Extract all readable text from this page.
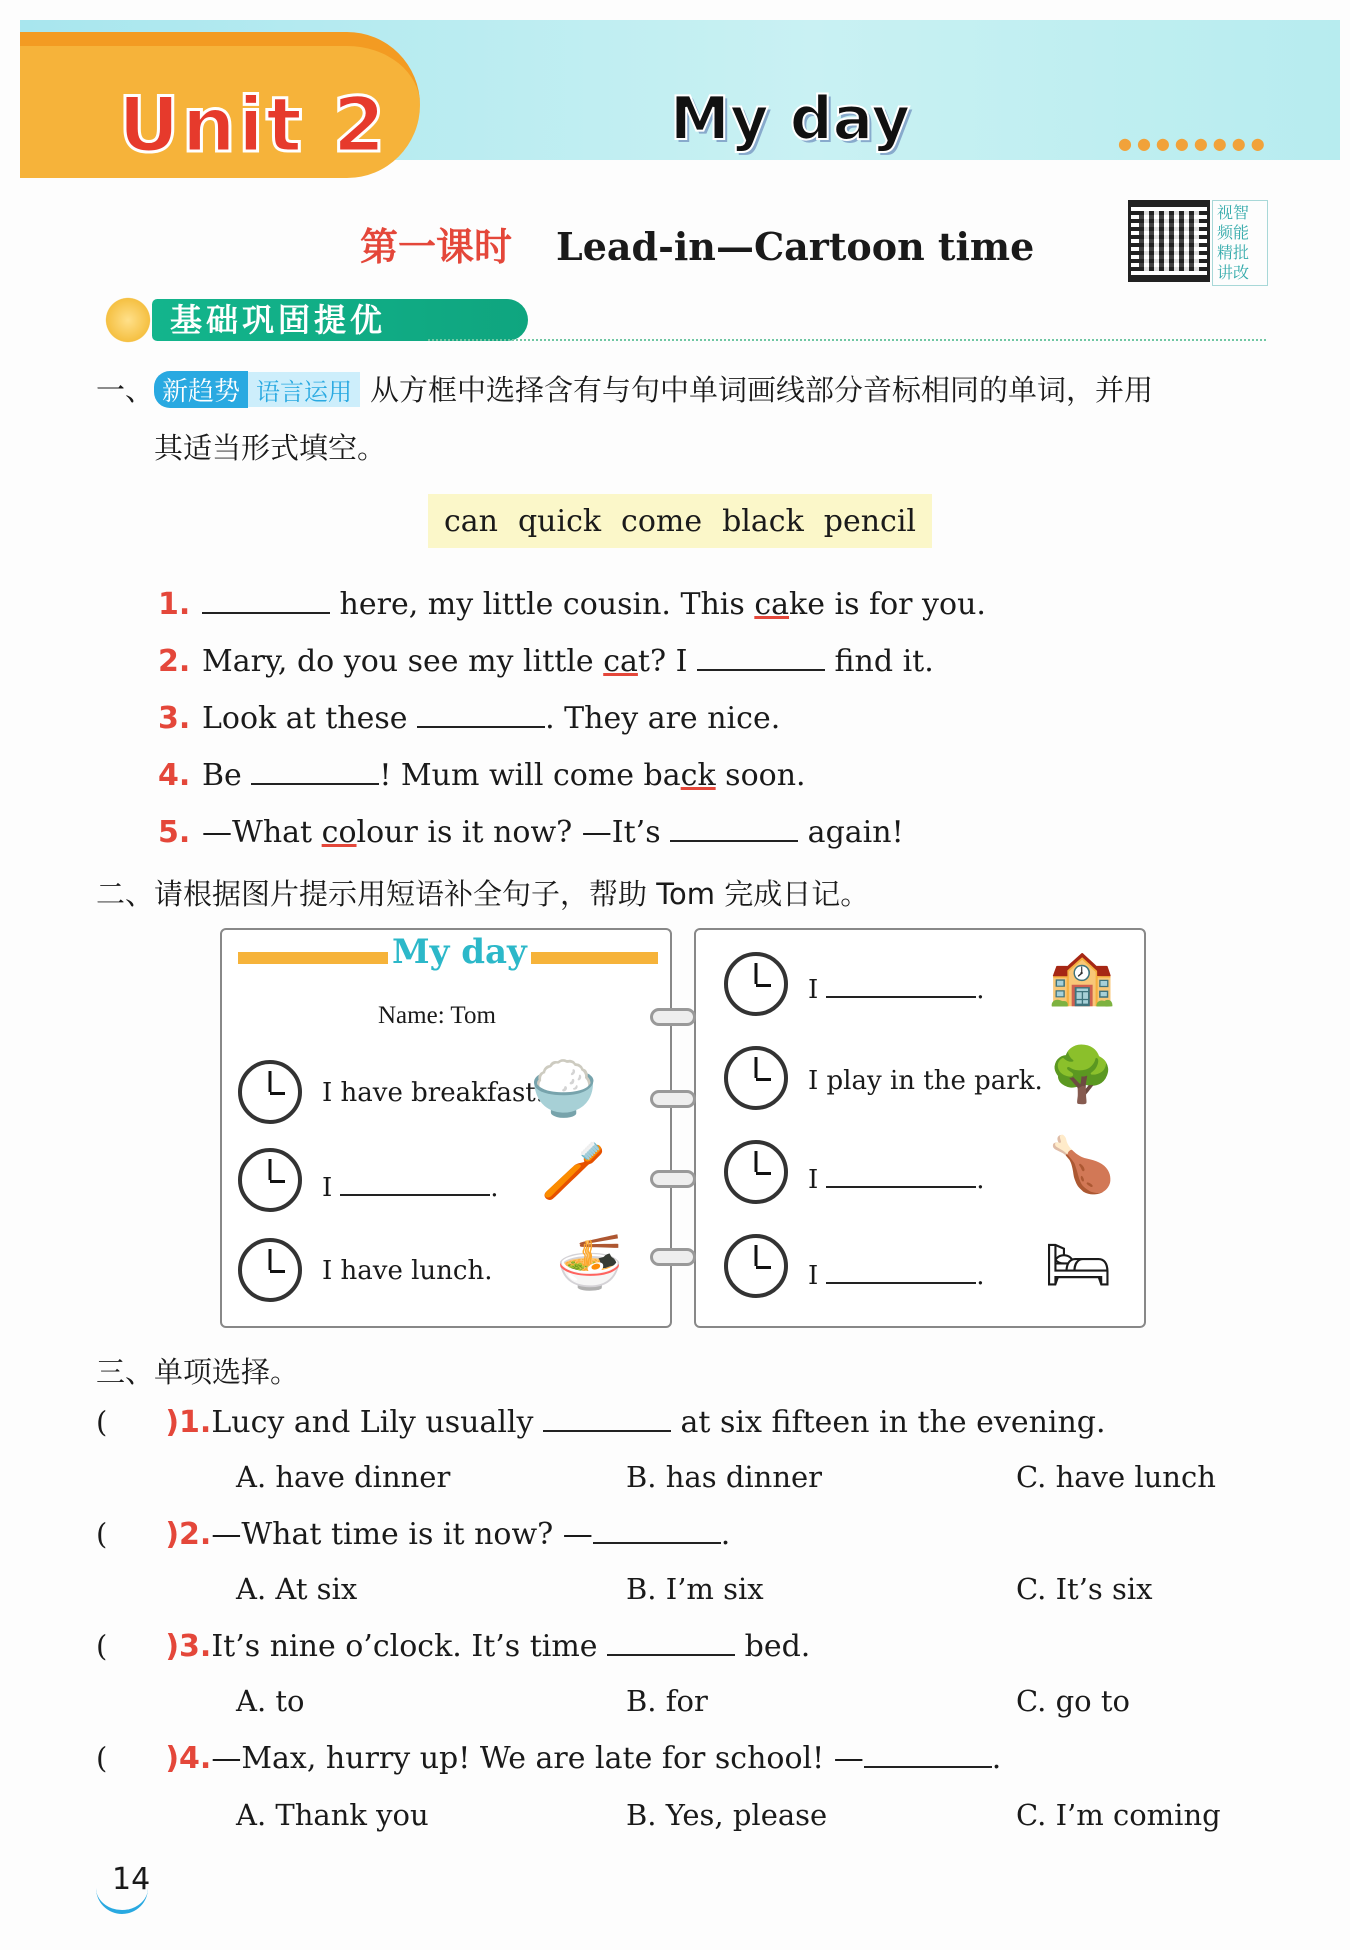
Unit 2	My day	●●●●●●●●
第一课时 Lead-in—Cartoon time
视智频能精批讲改
基础巩固提优
一、 新趋势 语言运用 从方框中选择含有与句中单词画线部分音标相同的单词，并用
其适当形式填空。
can quick come black pencil
1.	here, my little cousin. This cake is for you.
2. Mary, do you see my little cat? I	find it.
3. Look at these	. They are nice.
4. Be	! Mum will come back soon.
5. —What colour is it now? —It’s	again!
二、请根据图片提示用短语补全句子，帮助 Tom 完成日记。
My day
Name: Tom
I have breakfast.
🍚
I	. 🪥
I have lunch. 🍜
I	. 🏫
I play in the park. 🌳
I	. 🍗
I	. 🛏
三、单项选择。
( )1.Lucy and Lily usually	at six fifteen in the evening.
A. have dinner	B. has dinner	C. have lunch
( )2.—What time is it now? —	.
A. At six	B. I’m six	C. It’s six
( )3.It’s nine o’clock. It’s time	bed.
A. to	B. for	C. go to
( )4.—Max, hurry up! We are late for school! —	.
A. Thank you	B. Yes, please	C. I’m coming
14
